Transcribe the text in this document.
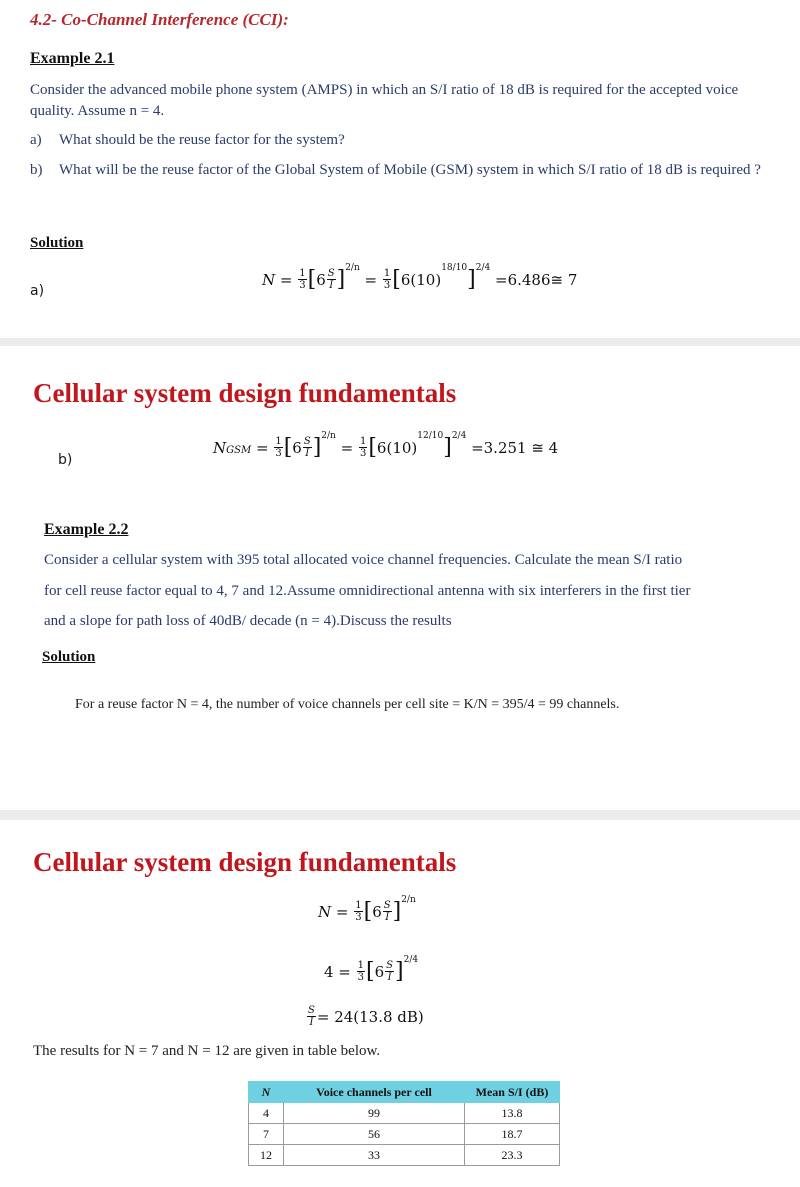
4.2- Co-Channel Interference (CCI):
Example 2.1
Consider the advanced mobile phone system (AMPS) in which an S/I ratio of 18 dB is required for the accepted voice quality. Assume n = 4.
a) What should be the reuse factor for the system?
b) What will be the reuse factor of the Global System of Mobile (GSM) system in which S/I ratio of 18 dB is required ?
Solution
a)
$N = \frac{1}{3}$ [ $6 \frac{S}{I}$ ] 2/n
= $\frac{1}{3}$ [ 6(10)
18/10 ] 2/4
= 6.486≅ 7
Cellular system design fundamentals
b)
NGSM = $\frac{1}{3}$ [ $6 \frac{S}{I}$ ] 2/n
= $\frac{1}{3}$ [ 6(10)
12/10 ] 2/4
= 3.251 ≅ 4
Example 2.2
Consider a cellular system with 395 total allocated voice channel frequencies. Calculate the mean S/I ratio
for cell reuse factor equal to 4, 7 and 12.Assume omnidirectional antenna with six interferers in the first tier
and a slope for path loss of 40dB/ decade (n = 4).Discuss the results
Solution
For a reuse factor N = 4, the number of voice channels per cell site = K/N = 395/4 = 99 channels.
Cellular system design fundamentals
$N = \frac{1}{3}$ [ $6 \frac{S}{I}$ ] 2/n
$4 = \frac{1}{3}$ [ $6 \frac{S}{I}$ ] 2/4
$\frac{S}{I} = 24(13.8$ dB)
The results for N = 7 and N = 12 are given in table below.
N	Voice channels per cell	Mean S/I (dB)
4	99	13.8
7	56	18.7
12	33	23.3
